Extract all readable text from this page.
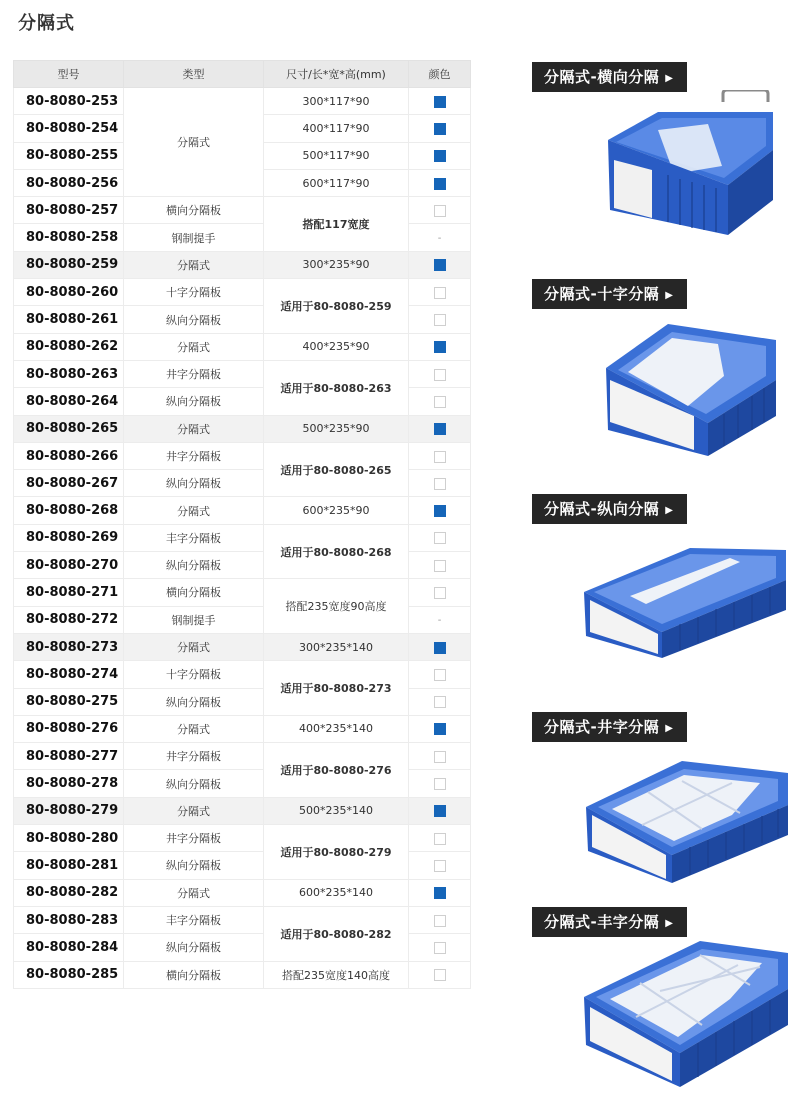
分隔式
型号	类型	尺寸/长*宽*高(mm)	颜色
80-8080-253	分隔式	300*117*90	
80-8080-254		400*117*90	
80-8080-255		500*117*90	
80-8080-256		600*117*90	
80-8080-257	横向分隔板	搭配117宽度	
80-8080-258	钢制提手		-
80-8080-259	分隔式	300*235*90	
80-8080-260	十字分隔板	适用于80-8080-259	
80-8080-261	纵向分隔板		
80-8080-262	分隔式	400*235*90	
80-8080-263	井字分隔板	适用于80-8080-263	
80-8080-264	纵向分隔板		
80-8080-265	分隔式	500*235*90	
80-8080-266	井字分隔板	适用于80-8080-265	
80-8080-267	纵向分隔板		
80-8080-268	分隔式	600*235*90	
80-8080-269	丰字分隔板	适用于80-8080-268	
80-8080-270	纵向分隔板		
80-8080-271	横向分隔板	搭配235宽度90高度	
80-8080-272	钢制提手		-
80-8080-273	分隔式	300*235*140	
80-8080-274	十字分隔板	适用于80-8080-273	
80-8080-275	纵向分隔板		
80-8080-276	分隔式	400*235*140	
80-8080-277	井字分隔板	适用于80-8080-276	
80-8080-278	纵向分隔板		
80-8080-279	分隔式	500*235*140	
80-8080-280	井字分隔板	适用于80-8080-279	
80-8080-281	纵向分隔板		
80-8080-282	分隔式	600*235*140	
80-8080-283	丰字分隔板	适用于80-8080-282	
80-8080-284	纵向分隔板		
80-8080-285	横向分隔板	搭配235宽度140高度	
分隔式-横向分隔 ▶
分隔式-十字分隔 ▶
分隔式-纵向分隔 ▶
分隔式-井字分隔 ▶
分隔式-丰字分隔 ▶
